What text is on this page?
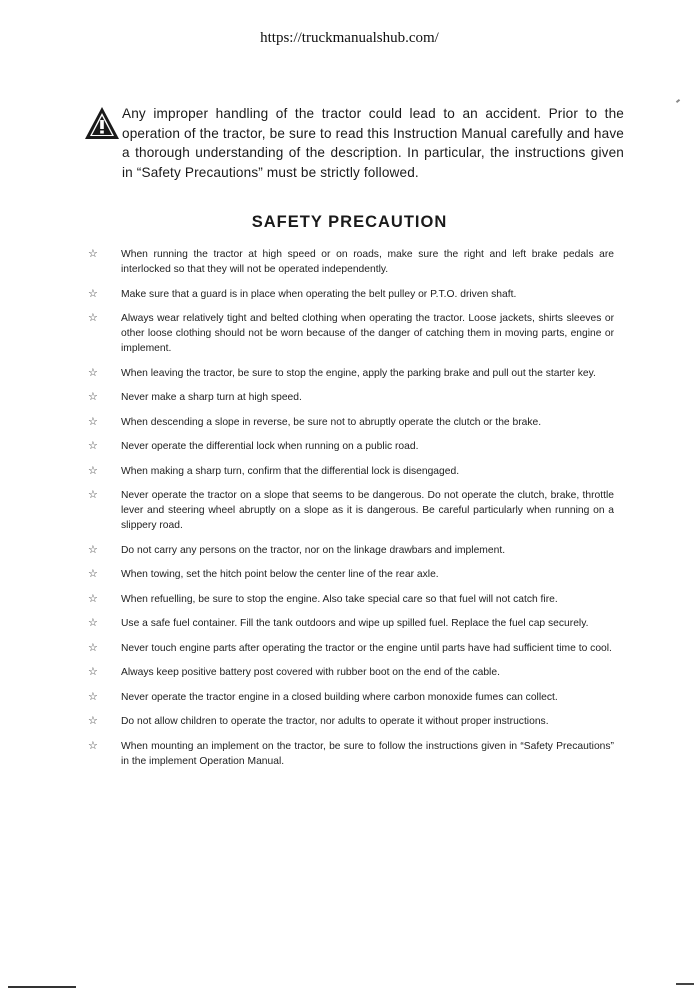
https://truckmanualshub.com/
Any improper handling of the tractor could lead to an accident. Prior to the operation of the tractor, be sure to read this Instruction Manual carefully and have a thorough understanding of the description. In particular, the instructions given in “Safety Precautions” must be strictly followed.
SAFETY PRECAUTION
☆ When running the tractor at high speed or on roads, make sure the right and left brake pedals are interlocked so that they will not be operated independently.
☆ Make sure that a guard is in place when operating the belt pulley or P.T.O. driven shaft.
☆ Always wear relatively tight and belted clothing when operating the tractor. Loose jackets, shirts sleeves or other loose clothing should not be worn because of the danger of catching them in moving parts, engine or implement.
☆ When leaving the tractor, be sure to stop the engine, apply the parking brake and pull out the starter key.
☆ Never make a sharp turn at high speed.
☆ When descending a slope in reverse, be sure not to abruptly operate the clutch or the brake.
☆ Never operate the differential lock when running on a public road.
☆ When making a sharp turn, confirm that the differential lock is disengaged.
☆ Never operate the tractor on a slope that seems to be dangerous. Do not operate the clutch, brake, throttle lever and steering wheel abruptly on a slope as it is dangerous. Be careful particularly when running on a slippery road.
☆ Do not carry any persons on the tractor, nor on the linkage drawbars and implement.
☆ When towing, set the hitch point below the center line of the rear axle.
☆ When refuelling, be sure to stop the engine. Also take special care so that fuel will not catch fire.
☆ Use a safe fuel container. Fill the tank outdoors and wipe up spilled fuel. Replace the fuel cap securely.
☆ Never touch engine parts after operating the tractor or the engine until parts have had sufficient time to cool.
☆ Always keep positive battery post covered with rubber boot on the end of the cable.
☆ Never operate the tractor engine in a closed building where carbon monoxide fumes can collect.
☆ Do not allow children to operate the tractor, nor adults to operate it without proper instructions.
☆ When mounting an implement on the tractor, be sure to follow the instructions given in “Safety Precautions” in the implement Operation Manual.
